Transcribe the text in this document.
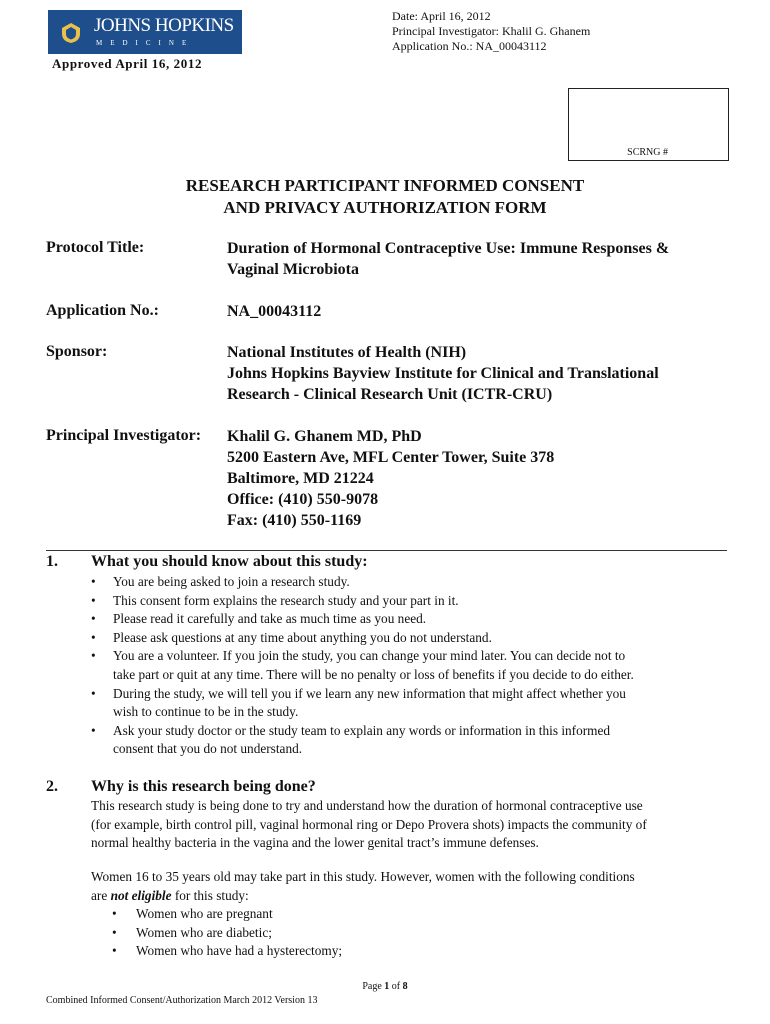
JOHNS HOPKINS
MEDICINE
Approved April 16, 2012
Date: April 16, 2012
Principal Investigator: Khalil G. Ghanem
Application No.: NA_00043112
SCRNG #
RESEARCH PARTICIPANT INFORMED CONSENT
AND PRIVACY AUTHORIZATION FORM
Protocol Title:	Duration of Hormonal Contraceptive Use: Immune Responses &
Vaginal Microbiota
Application No.:	NA_00043112
Sponsor:	National Institutes of Health (NIH)
Johns Hopkins Bayview Institute for Clinical and Translational
Research - Clinical Research Unit (ICTR-CRU)
Principal Investigator: Khalil G. Ghanem MD, PhD
5200 Eastern Ave, MFL Center Tower, Suite 378
Baltimore, MD 21224
Office: (410) 550-9078
Fax: (410) 550-1169
1. What you should know about this study:
• You are being asked to join a research study.
• This consent form explains the research study and your part in it.
• Please read it carefully and take as much time as you need.
• Please ask questions at any time about anything you do not understand.
• You are a volunteer. If you join the study, you can change your mind later. You can decide not to
take part or quit at any time. There will be no penalty or loss of benefits if you decide to do either.
• During the study, we will tell you if we learn any new information that might affect whether you
wish to continue to be in the study.
• Ask your study doctor or the study team to explain any words or information in this informed
consent that you do not understand.
2. Why is this research being done?
This research study is being done to try and understand how the duration of hormonal contraceptive use
(for example, birth control pill, vaginal hormonal ring or Depo Provera shots) impacts the community of
normal healthy bacteria in the vagina and the lower genital tract’s immune defenses.
Women 16 to 35 years old may take part in this study. However, women with the following conditions
are not eligible for this study:
• Women who are pregnant
• Women who are diabetic;
• Women who have had a hysterectomy;
Page 1 of 8
Combined Informed Consent/Authorization March 2012 Version 13
